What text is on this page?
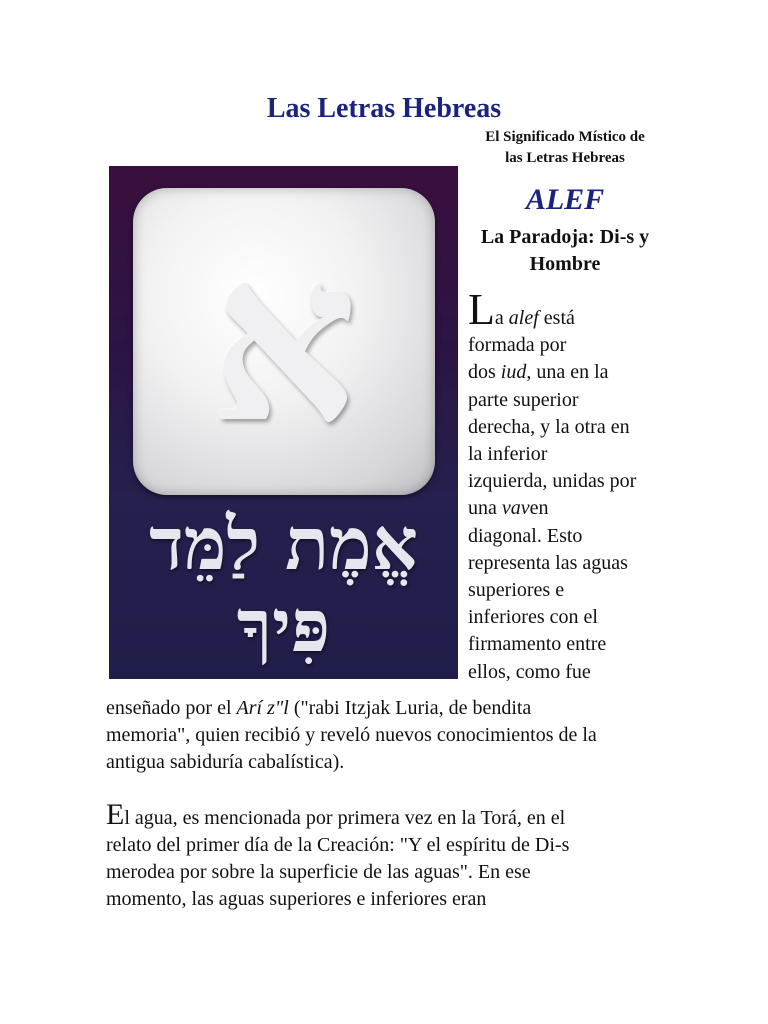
Las Letras Hebreas

El Significado Místico de
las Letras Hebreas

א
אֱמֶת לַמֵּד
פִּיךָ
ALEF

La Paradoja: Di-s y
Hombre

La alef está
formada por
dos iud, una en la
parte superior
derecha, y la otra en
la inferior
izquierda, unidas por
una vaven
diagonal. Esto
representa las aguas
superiores e
inferiores con el
firmamento entre
ellos, como fue

enseñado por el Arí z"l ("rabi Itzjak Luria, de bendita
memoria", quien recibió y reveló nuevos conocimientos de la
antigua sabiduría cabalística).

El agua, es mencionada por primera vez en la Torá, en el
relato del primer día de la Creación: "Y el espíritu de Di-s
merodea por sobre la superficie de las aguas". En ese
momento, las aguas superiores e inferiores eran
